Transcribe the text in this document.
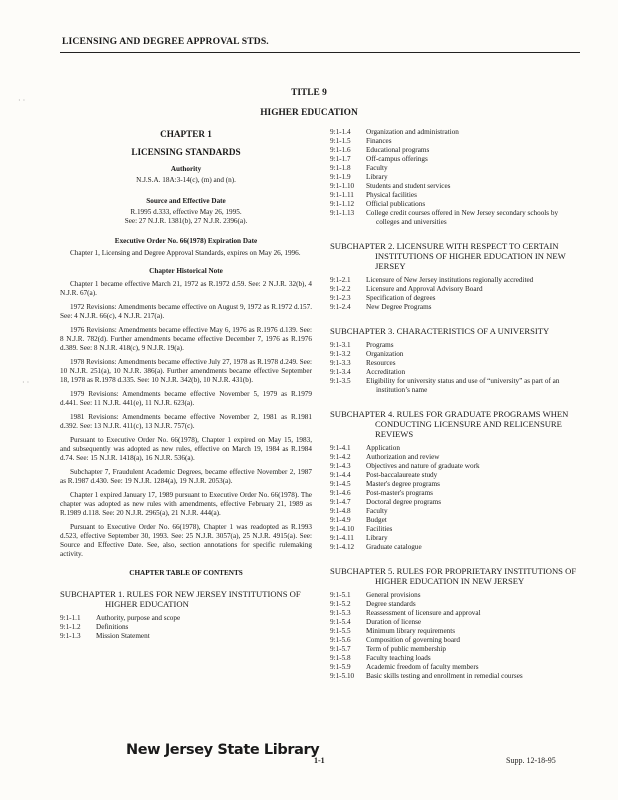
LICENSING AND DEGREE APPROVAL STDS.
· ·
· ·
TITLE 9
HIGHER EDUCATION
CHAPTER 1
LICENSING STANDARDS
Authority
N.J.S.A. 18A:3-14(c), (m) and (n).
Source and Effective Date
R.1995 d.333, effective May 26, 1995.
See: 27 N.J.R. 1381(b), 27 N.J.R. 2396(a).
Executive Order No. 66(1978) Expiration Date

Chapter 1, Licensing and Degree Approval Standards, expires on May 26, 1996.

Chapter Historical Note

Chapter 1 became effective March 21, 1972 as R.1972 d.59. See: 2 N.J.R. 32(b), 4 N.J.R. 67(a).

1972 Revisions: Amendments became effective on August 9, 1972 as R.1972 d.157. See: 4 N.J.R. 66(c), 4 N.J.R. 217(a).

1976 Revisions: Amendments became effective May 6, 1976 as R.1976 d.139. See: 8 N.J.R. 782(d). Further amendments became effective December 7, 1976 as R.1976 d.389. See: 8 N.J.R. 418(c), 9 N.J.R. 19(a).

1978 Revisions: Amendments became effective July 27, 1978 as R.1978 d.249. See: 10 N.J.R. 251(a), 10 N.J.R. 386(a). Further amendments became effective September 18, 1978 as R.1978 d.335. See: 10 N.J.R. 342(b), 10 N.J.R. 431(b).

1979 Revisions: Amendments became effective November 5, 1979 as R.1979 d.441. See: 11 N.J.R. 441(e), 11 N.J.R. 623(a).

1981 Revisions: Amendments became effective November 2, 1981 as R.1981 d.392. See: 13 N.J.R. 411(c), 13 N.J.R. 757(c).

Pursuant to Executive Order No. 66(1978), Chapter 1 expired on May 15, 1983, and subsequently was adopted as new rules, effective on March 19, 1984 as R.1984 d.74. See: 15 N.J.R. 1418(a), 16 N.J.R. 536(a).

Subchapter 7, Fraudulent Academic Degrees, became effective November 2, 1987 as R.1987 d.430. See: 19 N.J.R. 1284(a), 19 N.J.R. 2053(a).

Chapter 1 expired January 17, 1989 pursuant to Executive Order No. 66(1978). The chapter was adopted as new rules with amendments, effective February 21, 1989 as R.1989 d.118. See: 20 N.J.R. 2965(a), 21 N.J.R. 444(a).

Pursuant to Executive Order No. 66(1978), Chapter 1 was readopted as R.1993 d.523, effective September 30, 1993. See: 25 N.J.R. 3057(a), 25 N.J.R. 4915(a). See: Source and Effective Date. See, also, section annotations for specific rulemaking activity.

CHAPTER TABLE OF CONTENTS
SUBCHAPTER 1. RULES FOR NEW JERSEY INSTITUTIONS OF HIGHER EDUCATION
9:1-1.1	Authority, purpose and scope
9:1-1.2	Definitions
9:1-1.3	Mission Statement
9:1-1.4	Organization and administration
9:1-1.5	Finances
9:1-1.6	Educational programs
9:1-1.7	Off-campus offerings
9:1-1.8	Faculty
9:1-1.9	Library
9:1-1.10	Students and student services
9:1-1.11	Physical facilities
9:1-1.12	Official publications
9:1-1.13	College credit courses offered in New Jersey secondary schools by colleges and universities
SUBCHAPTER 2. LICENSURE WITH RESPECT TO CERTAIN INSTITUTIONS OF HIGHER EDUCATION IN NEW JERSEY
9:1-2.1	Licensure of New Jersey institutions regionally accredited
9:1-2.2	Licensure and Approval Advisory Board
9:1-2.3	Specification of degrees
9:1-2.4	New Degree Programs
SUBCHAPTER 3. CHARACTERISTICS OF A UNIVERSITY
9:1-3.1	Programs
9:1-3.2	Organization
9:1-3.3	Resources
9:1-3.4	Accreditation
9:1-3.5	Eligibility for university status and use of “university” as part of an institution’s name
SUBCHAPTER 4. RULES FOR GRADUATE PROGRAMS WHEN CONDUCTING LICENSURE AND RELICENSURE REVIEWS
9:1-4.1	Application
9:1-4.2	Authorization and review
9:1-4.3	Objectives and nature of graduate work
9:1-4.4	Post-baccalaureate study
9:1-4.5	Master's degree programs
9:1-4.6	Post-master's programs
9:1-4.7	Doctoral degree programs
9:1-4.8	Faculty
9:1-4.9	Budget
9:1-4.10	Facilities
9:1-4.11	Library
9:1-4.12	Graduate catalogue
SUBCHAPTER 5. RULES FOR PROPRIETARY INSTITUTIONS OF HIGHER EDUCATION IN NEW JERSEY
9:1-5.1	General provisions
9:1-5.2	Degree standards
9:1-5.3	Reassessment of licensure and approval
9:1-5.4	Duration of license
9:1-5.5	Minimum library requirements
9:1-5.6	Composition of governing board
9:1-5.7	Term of public membership
9:1-5.8	Faculty teaching loads
9:1-5.9	Academic freedom of faculty members
9:1-5.10	Basic skills testing and enrollment in remedial courses
New Jersey State Library
1-1	Supp. 12-18-95
